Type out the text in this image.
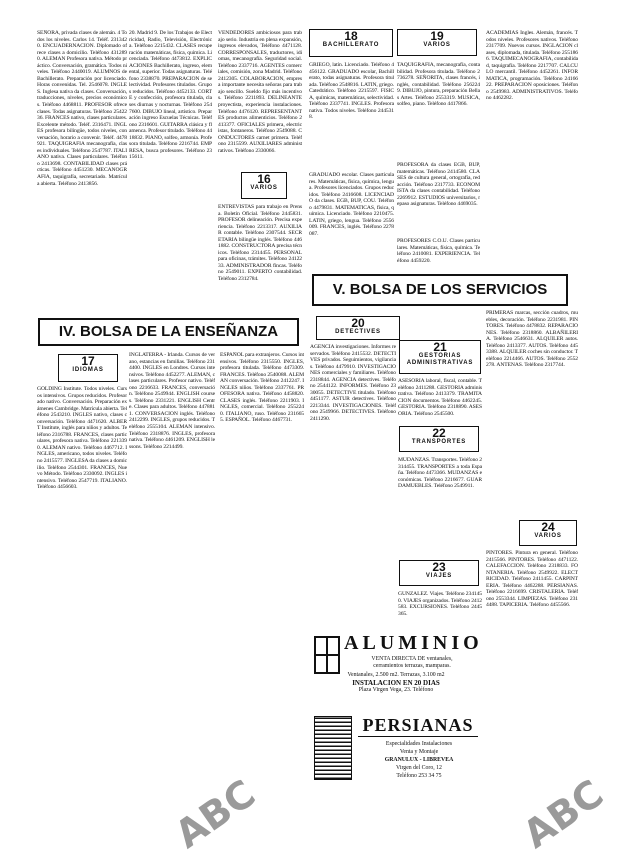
SEÑORA, privada clases de alemán. 4 Todos los niveles. Carlos 14. Teléf. 2313420. ENCUADERNACION. Diplomado ofrece clases a domicilio. Teléfono 4312890. ALEMAN Profesora nativa. Método práctico. Conversación, gramática. Todos niveles. Teléfono 2440019. ALUMNOS de Bachillerato. Preparación por licenciado. Horas convenidas. Tel. 2546078. INGLES. Inglesa nativa da clases. Conversación, traducciones, niveles, precios económicos. Teléfono 4468811. PROFESOR ofrece clases. Todas asignaturas. Teléfono 2542236. FRANCES nativo, clases particulares. Excelente método. Teléf. 2316471. INGLES profesora bilingüe, todos niveles, conversación, horario a convenir. Teléf. 4478921. TAQUIGRAFIA mecanografía, clases individuales. Teléfono 2547787. ITALIANO nativa. Clases particulares. Teléfono 2413698. CONTABILIDAD clases prácticas. Teléfono 4451230. MECANOGRAFIA, taquigrafía, secretariado. Matrícula abierta. Teléfono 2413856.
20. Madrid 9. De los Trabajos de Electricidad, Radio, Televisión, Electrónica. Teléfono 2215432. CLASES recuperación matemáticas, física, química. Licenciada. Teléfono 4473812. EXPLICACIONES Bachillerato, ingreso, elemental, superior. Todas asignaturas. Teléfono 2338870. PREPARACION de selectividad. Profesores titulados. Grupos reducidos. Teléfono 4452133. CORTE y confección, profesora titulada, clases diurnas y nocturnas. Teléfono 2547600. DIBUJO lineal, artístico. Preparación ingreso Escuelas Técnicas. Teléfono 2316601. GUITARRA clásica y flamenca. Profesor titulado. Teléfono 4418832. PIANO, solfeo, armonía. Profesora titulada. Teléfono 2216744. EMPRESA, busca profesores. Teléfono 2315611.
VENDEDORES ambiciosos para trabajo serio. Industria en plena expansión, ingresos elevados, Teléfono 4471128. CORRESPONSALES, traductores, idiomas, mecanografía. Seguridad social. Teléfono 2337716. AGENTES comerciales, comisión, zona Madrid. Teléfono 2412305. COLABORACION, empresa importante necesita señoras para trabajo sencillo. Sueldo fijo más incentivos. Teléfono 2211893. DELINEANTE proyectista, experiencia instalaciones. Teléfono 4476120. REPRESENTANTES productos alimenticios. Teléfono 2413377. OFICIALES primera, electricistas, fontaneros. Teléfono 2549088. CONDUCTORES carnet primera. Teléfono 2315599. AUXILIARES administrativos. Teléfono 2330066.
16
VARIOS
ENTREVISTAS para trabajo en Prensa. Boletín Oficial. Teléfono 2445831. PROFESOR delineación. Precisa experiencia. Teléfono 2213317. AUXILIAR contable. Teléfono 2307544. SECRETARIA bilingüe inglés. Teléfono 4461882. CONSTRUCTORA precisa técnicos. Teléfono 2314455. PERSONAL para oficinas, trámites. Teléfono 2412233. ADMINISTRADOR fincas. Teléfono 2549011. EXPERTO contabilidad. Teléfono 2312784.
18
BACHILLERATO
GRIEGO, latín. Licenciado. Teléfono 4456122. GRADUADO escolar, Bachillerato, todas asignaturas. Profesora titulada. Teléfono 2548816. LATIN, griego. Catedrático. Teléfono 2215597. FISICA, químicas, matemáticas, selectividad. Teléfono 2337741. INGLES. Profesora nativa. Todos niveles. Teléfono 2445318.
GRADUADO escolar. Clases particulares. Matemáticas, física, química, lengua. Profesores licenciados. Grupos reducidos. Teléfono 2416608. LICENCIADO da clases. EGB, BUP, COU. Teléfono 4479831. MATEMATICAS, física, química. Licenciado. Teléfono 2210475. LATIN, griego, lengua. Teléfono 2556009. FRANCES, inglés. Teléfono 2278087.
19
VARIOS
TAQUIGRAFIA, mecanografía, contabilidad. Profesora titulada. Teléfono 2736278. SEÑORITA, clases francés, inglés, contabilidad. Teléfono 2562249. DIBUJO, pintura, preparación Bellas Artes. Teléfono 2553319. MUSICA, solfeo, piano. Teléfono 4417866.
PROFESORA da clases EGB, BUP, matemáticas. Teléfono 2414580. CLASES de cultura general, ortografía, redacción. Teléfono 2317733. ECONOMISTA da clases contabilidad. Teléfono 2269912. ESTUDIOS universitarios, repaso asignaturas. Teléfono 4469035.
PROFESORES C.O.U. Clases particulares. Matemáticas, física, química. Teléfono 2410081. EXPERIENCIA. Teléfono 4459220.
ACADEMIAS Ingles. Alemán, francés. Todos niveles. Profesores nativos. Teléfono 2317709. Nuevos cursos. INGLACION clases, diplomada, titulada. Teléfono 2551866. TAQUIMECANOGRAFIA, contabilidad, taquigrafía. Teléfono 2217707. CALCULO mercantil. Teléfono 4452261. INFORMATICA, programación. Teléfono 2416622. PREPARACION oposiciones. Teléfono 2549983. ADMINISTRATIVOS. Teléfono 4462282.
IV. BOLSA DE LA ENSEÑANZA
V. BOLSA DE LOS SERVICIOS
17
IDIOMAS
GOLDING Institute. Todos niveles. Cursos intensivos. Grupos reducidos. Profesorado nativo. Conversación. Preparación exámenes Cambridge. Matrícula abierta. Teléfono 2543210. INGLES nativo, clases conversación. Teléfono 4471620. ALBERT Institute, inglés para niños y adultos. Teléfono 2316788. FRANCES, clases particulares, profesora nativa. Teléfono 2213390. ALEMAN nativo. Teléfono 4467712. INGLES, americano, todos niveles. Teléfono 2415577. INGLESA da clases a domicilio. Teléfono 2544301. FRANCES, Nuevo Método. Teléfono 2330092. INGLES intensivo. Teléfono 2547719. ITALIANO. Teléfono 4456603.
INGLATERRA - Irlanda. Cursos de verano, estancias en familias. Teléfono 2314400. INGLES en Londres. Cursos intensivos. Teléfono 4452277. ALEMAN, clases particulares. Profesor nativo. Teléfono 2216633. FRANCES, conversación. Teléfono 2549944. ENGLISH courses. Teléfono 2331221. ENGLISH Centre. Clases para adultos. Teléfono 4478811. CONVERSACION inglés. Teléfono 2412299. INGLES, grupos reducidos. Teléfono 2555104. ALEMAN intensivo. Teléfono 2318876. INGLES, profesora nativa. Teléfono 4461209. ENGLISH lessons. Teléfono 2214499.
ESPAÑOL para extranjeros. Cursos intensivos. Teléfono 2315550. INGLES, profesora titulada. Teléfono 4473309. FRANCES. Teléfono 2540088. ALEMAN conversación. Teléfono 2412247. INGLES niños. Teléfono 2337761. PROFESORA nativa. Teléfono 4458820. CLASES inglés. Teléfono 2211903. INGLES, comercial. Teléfono 2552240. ITALIANO, ruso. Teléfono 2316655. ESPAÑOL. Teléfono 4467731.
20
DETECTIVES
AGENCIA investigaciones. Informes reservados. Teléfono 2415532. DETECTIVES privados. Seguimientos, vigilancias. Teléfono 4479910. INVESTIGACIONES comerciales y familiares. Teléfono 2318844. AGENCIA detectives. Teléfono 2544122. INFORMES. Teléfono 2330055. DETECTIVE titulado. Teléfono 4451177. ASTUR detectives. Teléfono 2213344. INVESTIGACIONES. Teléfono 2549966. DETECTIVES. Teléfono 2411290.
21
GESTORIAS ADMINISTRATIVAS
ASESORIA laboral, fiscal, contable. Teléfono 2411288. GESTORIA administrativa. Teléfono 2413379. TRAMITACION documentos. Teléfono 4462245. GESTORIA. Teléfono 2318890. ASESORIA. Teléfono 2545500.
22
TRANSPORTES
MUDANZAS. Transportes. Teléfono 2314455. TRANSPORTES a toda España. Teléfono 4473366. MUDANZAS económicas. Teléfono 2216677. GUARDAMUEBLES. Teléfono 2549911.
23
VIAJES
GUNZALEZ. Viajes. Teléfono 2341450. VIAJES organizados. Teléfono 2412583. EXCURSIONES. Teléfono 2445365.
PRIMERAS marcas, sección cuadros, muebles, decoración. Teléfono 2231981. PINTORES. Teléfono 4478832. REPARACIONES. Teléfono 2318860. ALBAÑILERIA. Teléfono 2546631. ALQUILER autos. Teléfono 2413377. AUTOS. Teléfono 4453388. ALQUILER coches sin conductor. Teléfono 2214466. AUTOS. Teléfono 2552278. ANTENAS. Teléfono 2317744.
24
VARIOS
PINTORES. Pintura en general. Teléfono 2415566. PINTORES. Teléfono 4471122. CALEFACCION. Teléfono 2318833. FONTANERIA. Teléfono 2549922. ELECTRICIDAD. Teléfono 2411455. CARPINTERIA. Teléfono 4462288. PERSIANAS. Teléfono 2216699. CRISTALERIA. Teléfono 2553344. LIMPIEZAS. Teléfono 2314488. TAPICERIA. Teléfono 4455566.
ALUMINIO
VENTA DIRECTA DE ventanales,
cerramientos terrazas, mamparas.
Ventanales, 2.500 m2. Terrazas, 3.100 m2
INSTALACION EN 20 DIAS
Plaza Virgen Vega, 23. Teléfono
PERSIANAS
Especialidades Instalaciones
Venta y Montaje
GRANULUX - LIBREVEA
Virgen del Coro, 12
Teléfono 253 34 75
ABC	ABC
